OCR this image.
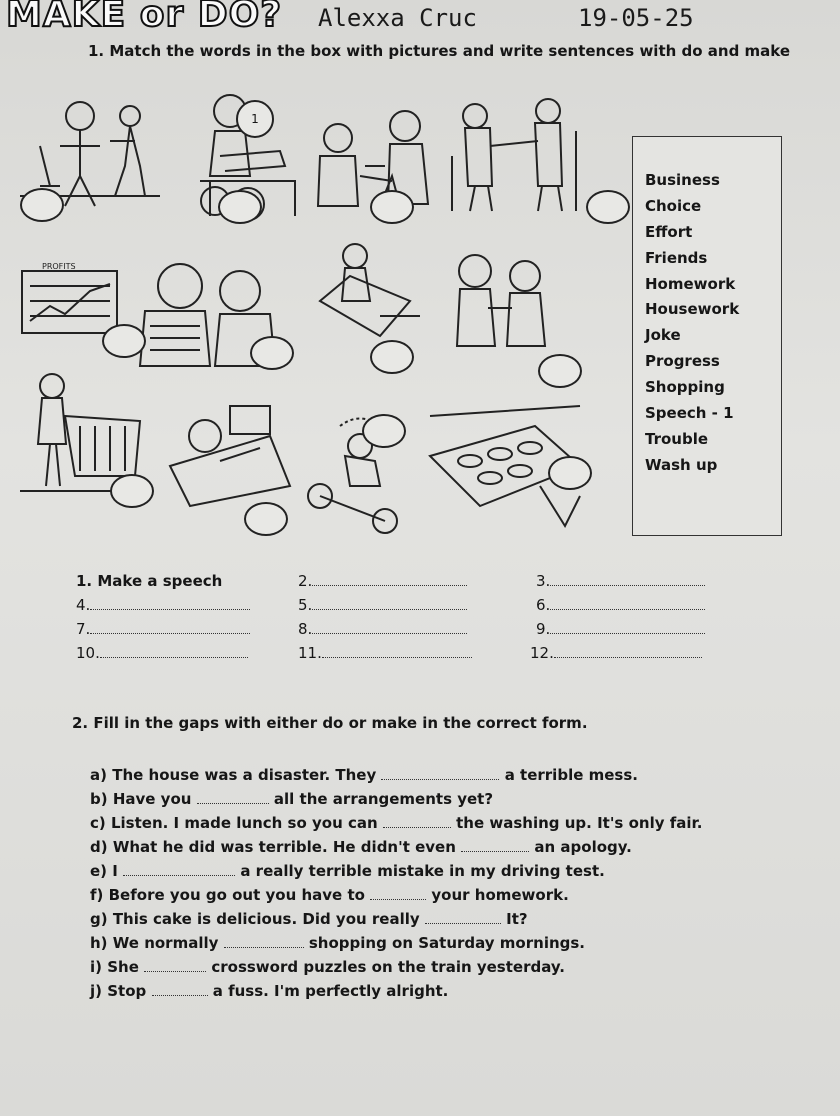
MAKE or DO? Alexxa Cruc	19-05-25
1. Match the words in the box with pictures and write sentences with do and make
PROFITS
1
Business
Choice
Effort
Friends
Homework
Housework
Joke
Progress
Shopping
Speech - 1
Trouble
Wash up
1. Make a speech	2.	3.
4.	5.	6.
7.	8.	9.
10.	11.	12.
2. Fill in the gaps with either do or make in the correct form.
a) The house was a disaster. They	a terrible mess.
b) Have you	all the arrangements yet?
c) Listen. I made lunch so you can	the washing up. It's only fair.
d) What he did was terrible. He didn't even	an apology.
e) I	a really terrible mistake in my driving test.
f) Before you go out you have to	your homework.
g) This cake is delicious. Did you really	It?
h) We normally	shopping on Saturday mornings.
i) She	crossword puzzles on the train yesterday.
j) Stop	a fuss. I'm perfectly alright.
